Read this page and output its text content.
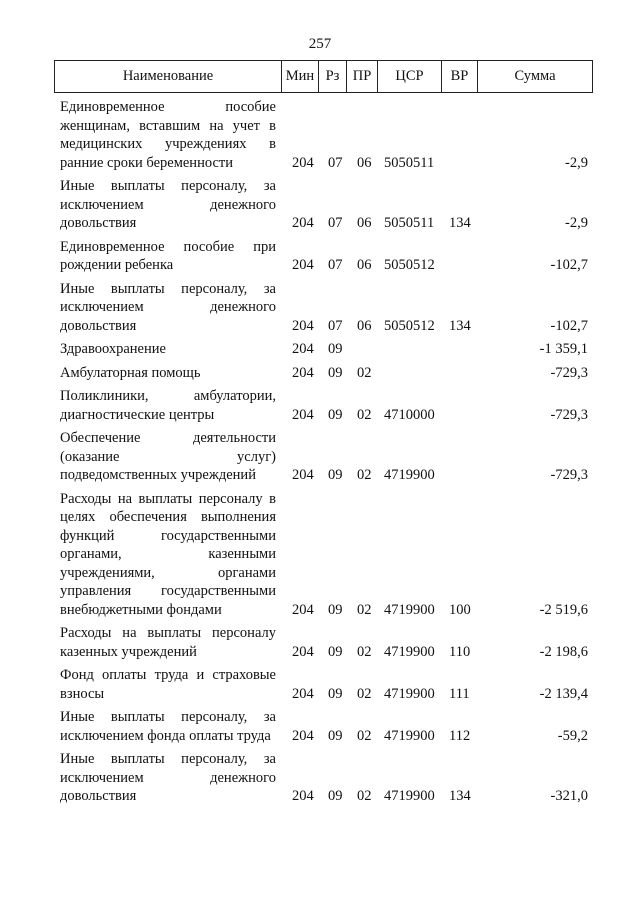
257
Наименование	Мин Рз ПР	ЦСР	ВР	Сумма
Единовременное пособие женщинам, вставшим на учет в медицинских учреждениях в ранние сроки беременности	204 07 06 5050511	-2,9
Иные выплаты персоналу, за исключением денежного довольствия	204 07 06 5050511 134	-2,9
Единовременное пособие при рождении ребенка	204 07 06 5050512	-102,7
Иные выплаты персоналу, за исключением денежного довольствия	204 07 06 5050512 134	-102,7
Здравоохранение	204 09	-1 359,1
Амбулаторная помощь	204 09 02	-729,3
Поликлиники, амбулатории, диагностические центры	204 09 02 4710000	-729,3
Обеспечение деятельности (оказание услуг) подведомственных учреждений	204 09 02 4719900	-729,3
Расходы на выплаты персоналу в целях обеспечения выполнения функций государственными органами, казенными учреждениями, органами управления государственными внебюджетными фондами	204 09 02 4719900 100	-2 519,6
Расходы на выплаты персоналу казенных учреждений	204 09 02 4719900 110	-2 198,6
Фонд оплаты труда и страховые взносы	204 09 02 4719900 111	-2 139,4
Иные выплаты персоналу, за исключением фонда оплаты труда	204 09 02 4719900 112	-59,2
Иные выплаты персоналу, за исключением денежного довольствия	204 09 02 4719900 134	-321,0
